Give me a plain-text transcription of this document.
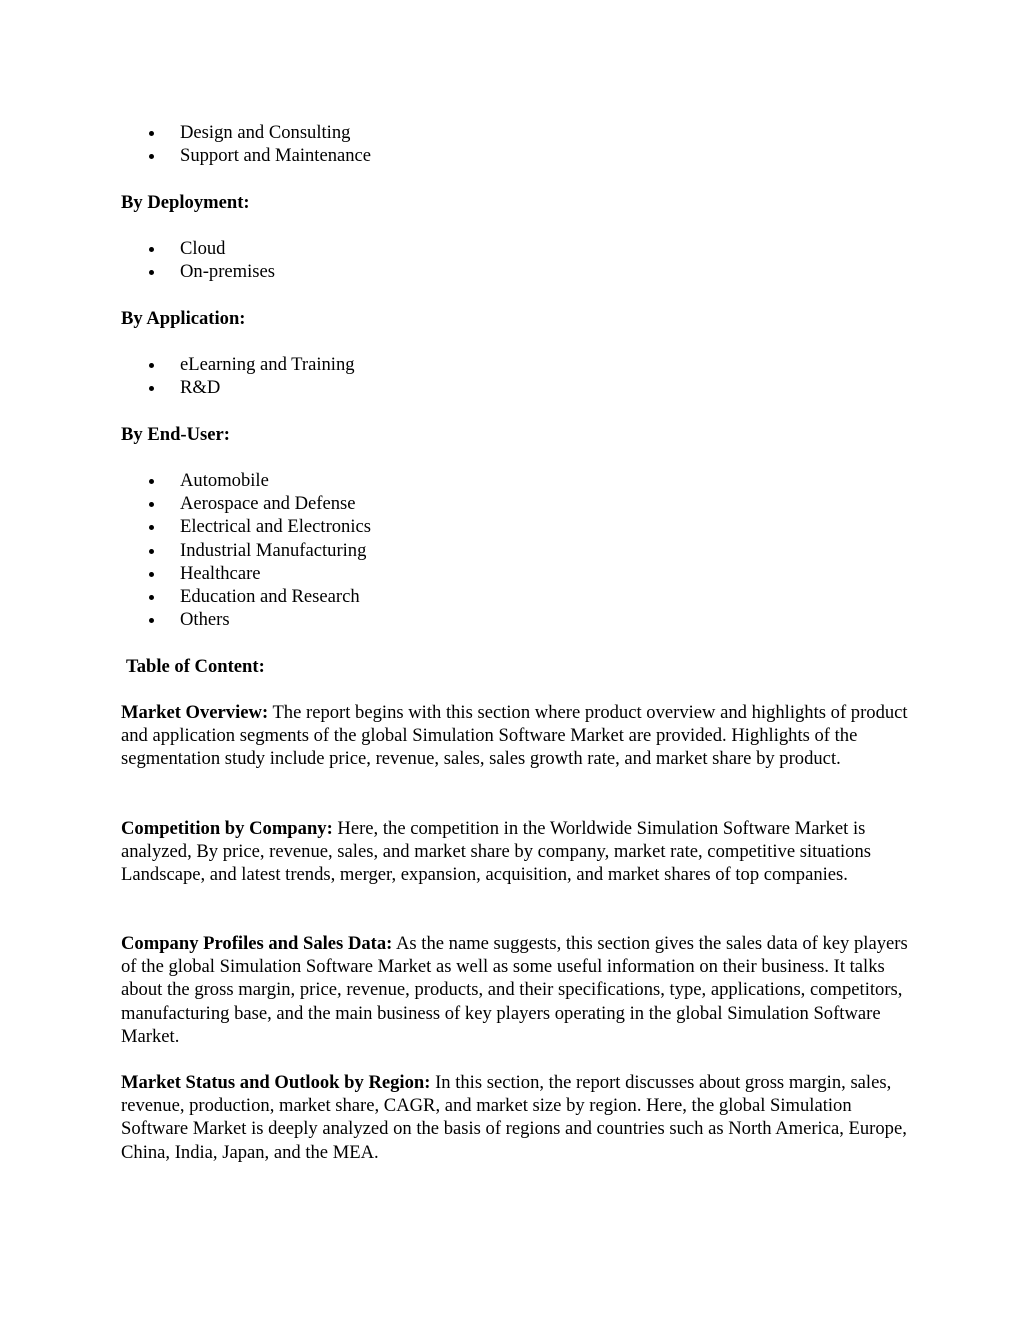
Design and Consulting
Support and Maintenance
By Deployment:
Cloud
On-premises
By Application:
eLearning and Training
R&D
By End-User:
Automobile
Aerospace and Defense
Electrical and Electronics
Industrial Manufacturing
Healthcare
Education and Research
Others
Table of Content:

Market Overview: The report begins with this section where product overview and highlights of product and application segments of the global Simulation Software Market are provided. Highlights of the segmentation study include price, revenue, sales, sales growth rate, and market share by product.

Competition by Company: Here, the competition in the Worldwide Simulation Software Market is analyzed, By price, revenue, sales, and market share by company, market rate, competitive situations Landscape, and latest trends, merger, expansion, acquisition, and market shares of top companies.

Company Profiles and Sales Data: As the name suggests, this section gives the sales data of key players of the global Simulation Software Market as well as some useful information on their business. It talks about the gross margin, price, revenue, products, and their specifications, type, applications, competitors, manufacturing base, and the main business of key players operating in the global Simulation Software Market.

Market Status and Outlook by Region: In this section, the report discusses about gross margin, sales, revenue, production, market share, CAGR, and market size by region. Here, the global Simulation Software Market is deeply analyzed on the basis of regions and countries such as North America, Europe, China, India, Japan, and the MEA.
